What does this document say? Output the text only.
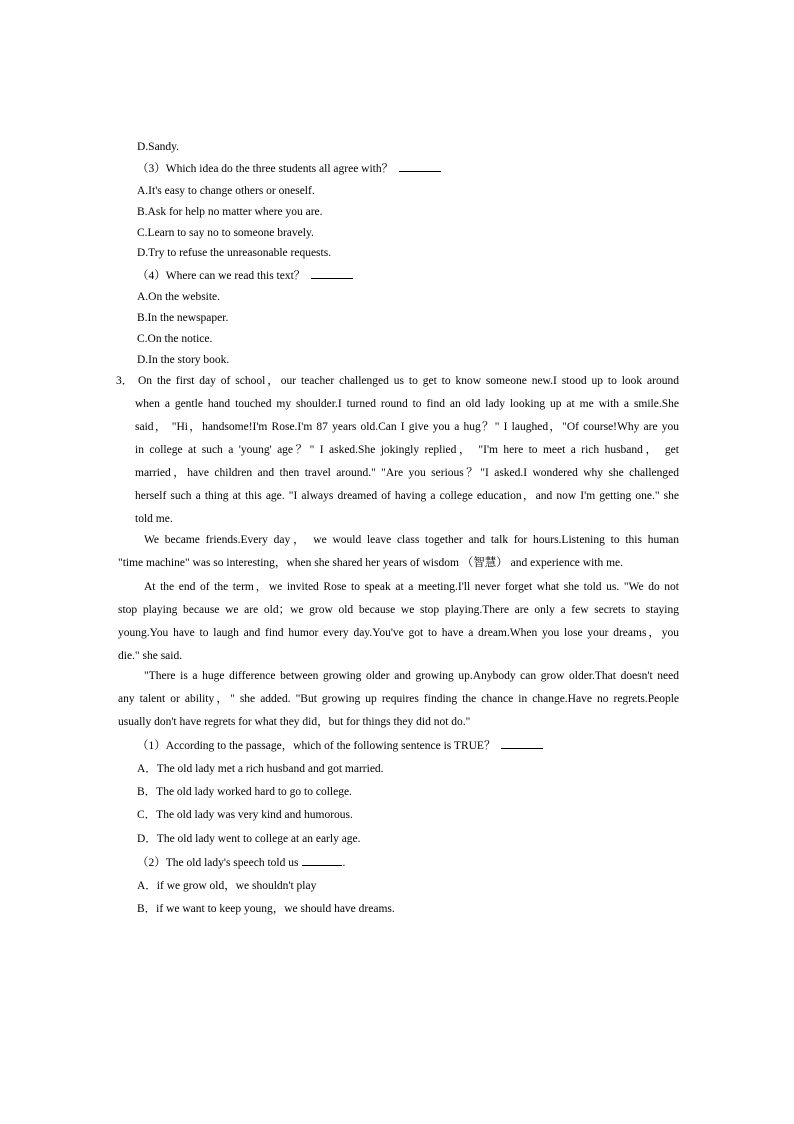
D.Sandy.
（3）Which idea do the three students all agree with？
A.It's easy to change others or oneself.
B.Ask for help no matter where you are.
C.Learn to say no to someone bravely.
D.Try to refuse the unreasonable requests.
（4）Where can we read this text？
A.On the website.
B.In the newspaper.
C.On the notice.
D.In the story book.
3． On the first day of school，our teacher challenged us to get to know someone new.I stood up to look around
when a gentle hand touched my shoulder.I turned round to find an old lady looking up at me with a smile.She
said， "Hi，handsome!I'm Rose.I'm 87 years old.Can I give you a hug？" I laughed，"Of course!Why are you
in college at such a 'young' age？" I asked.She jokingly replied， "I'm here to meet a rich husband， get
married，have children and then travel around." "Are you serious？"I asked.I wondered why she challenged
herself such a thing at this age. "I always dreamed of having a college education，and now I'm getting one." she
told me.
We became friends.Every day， we would leave class together and talk for hours.Listening to this human
"time machine" was so interesting，when she shared her years of wisdom （智慧） and experience with me.
At the end of the term，we invited Rose to speak at a meeting.I'll never forget what she told us. "We do not
stop playing because we are old；we grow old because we stop playing.There are only a few secrets to staying
young.You have to laugh and find humor every day.You've got to have a dream.When you lose your dreams，you
die." she said.
"There is a huge difference between growing older and growing up.Anybody can grow older.That doesn't need
any talent or ability，" she added. "But growing up requires finding the chance in change.Have no regrets.People
usually don't have regrets for what they did，but for things they did not do."
（1）According to the passage，which of the following sentence is TRUE？
A．The old lady met a rich husband and got married.
B．The old lady worked hard to go to college.
C．The old lady was very kind and humorous.
D．The old lady went to college at an early age.
（2）The old lady's speech told us	.
A．if we grow old，we shouldn't play
B．if we want to keep young，we should have dreams.
